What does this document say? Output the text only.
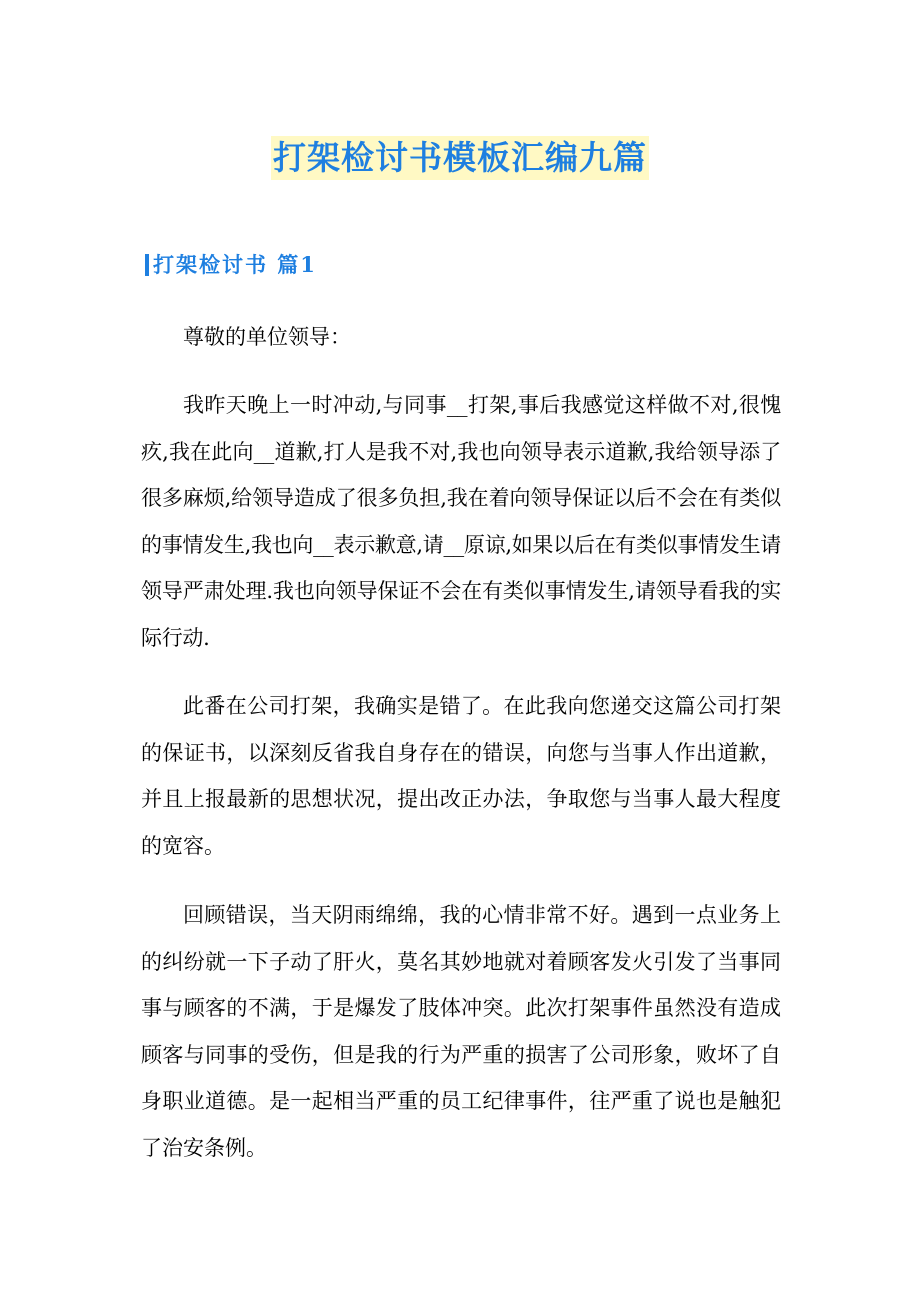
打架检讨书模板汇编九篇
打架检讨书 篇1

尊敬的单位领导：

我昨天晚上一时冲动,与同事__打架,事后我感觉这样做不对,很愧疚,我在此向__道歉,打人是我不对,我也向领导表示道歉,我给领导添了很多麻烦,给领导造成了很多负担,我在着向领导保证以后不会在有类似的事情发生,我也向__表示歉意,请__原谅,如果以后在有类似事情发生请领导严肃处理.我也向领导保证不会在有类似事情发生,请领导看我的实际行动.

此番在公司打架，我确实是错了。在此我向您递交这篇公司打架的保证书，以深刻反省我自身存在的错误，向您与当事人作出道歉，并且上报最新的思想状况，提出改正办法，争取您与当事人最大程度的宽容。

回顾错误，当天阴雨绵绵，我的心情非常不好。遇到一点业务上的纠纷就一下子动了肝火，莫名其妙地就对着顾客发火引发了当事同事与顾客的不满，于是爆发了肢体冲突。此次打架事件虽然没有造成顾客与同事的受伤，但是我的行为严重的损害了公司形象，败坏了自身职业道德。是一起相当严重的员工纪律事件，往严重了说也是触犯了治安条例。
